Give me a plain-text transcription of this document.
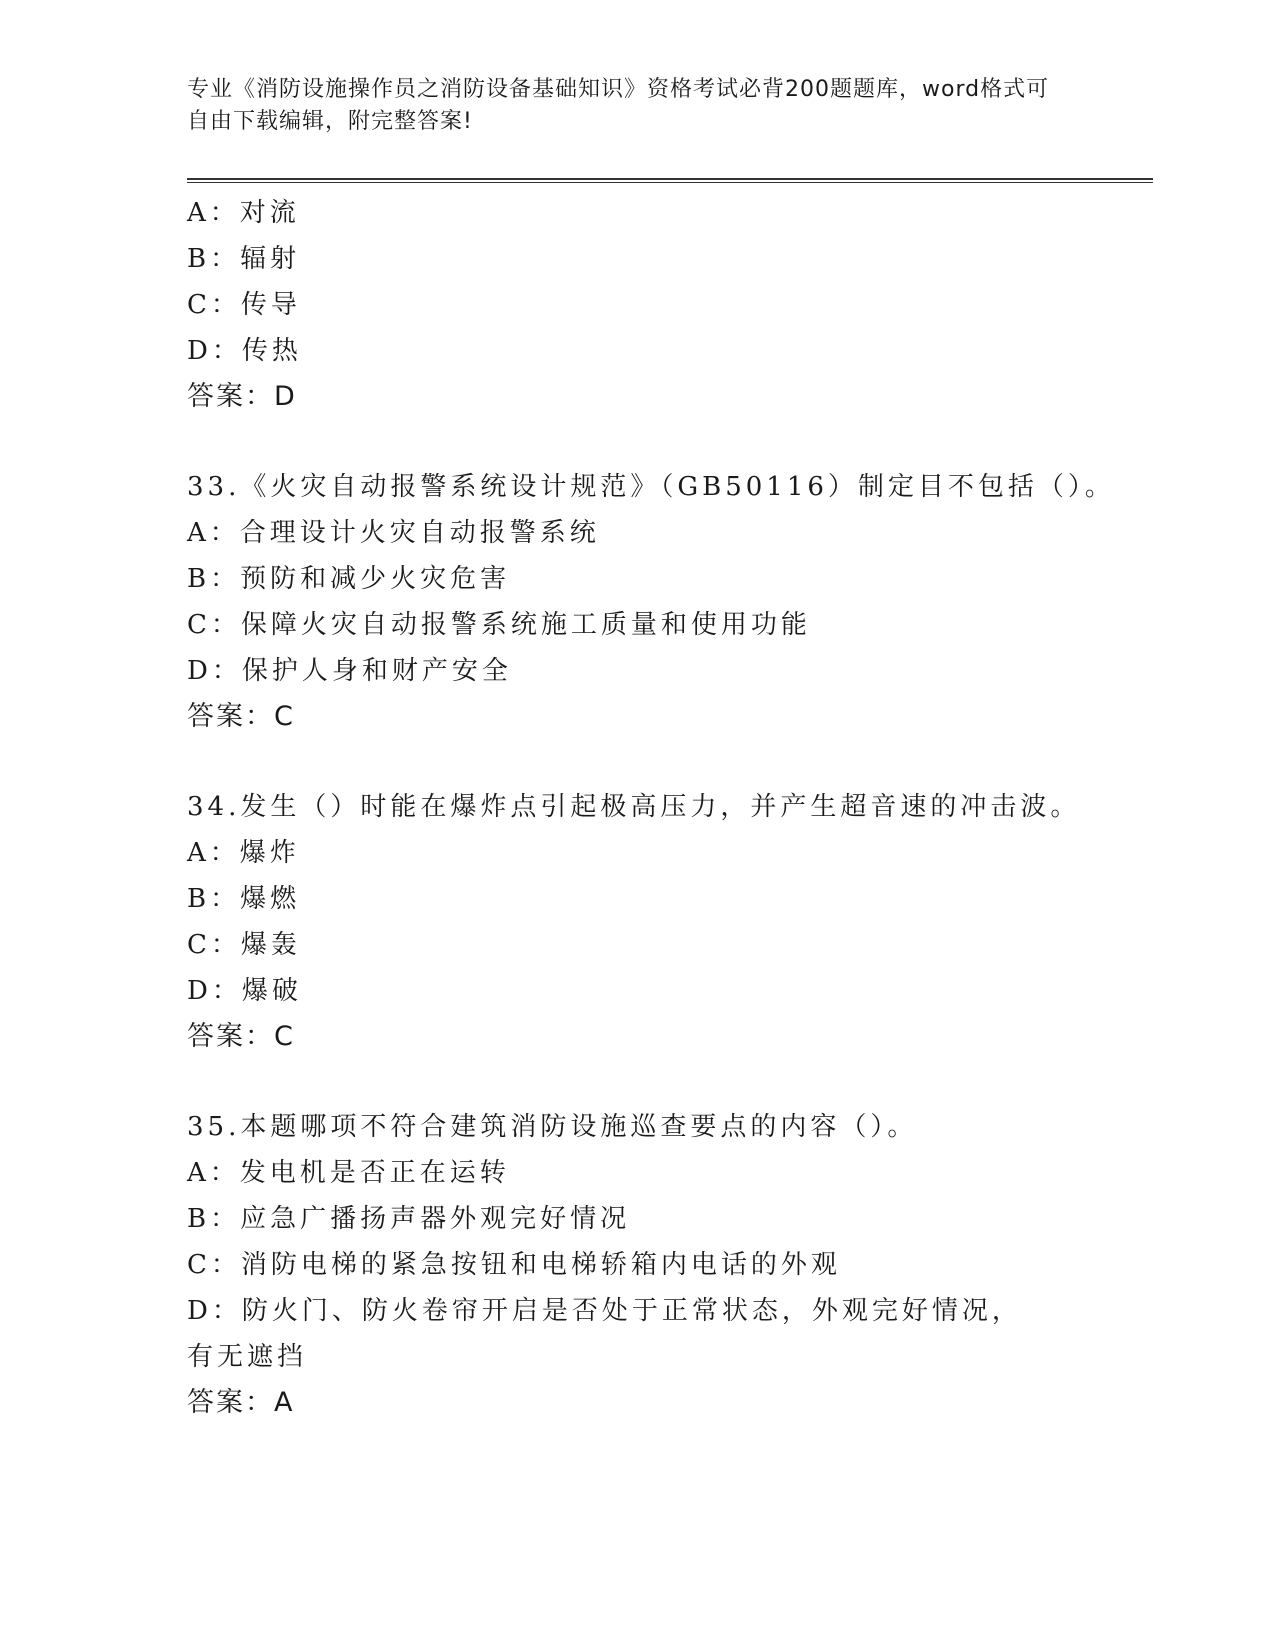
专业《消防设施操作员之消防设备基础知识》资格考试必背200题题库，word格式可自由下载编辑，附完整答案!
A：对流
B：辐射
C：传导
D：传热
答案：D
33.《火灾自动报警系统设计规范》（GB50116）制定目不包括（）。
A：合理设计火灾自动报警系统
B：预防和减少火灾危害
C：保障火灾自动报警系统施工质量和使用功能
D：保护人身和财产安全
答案：C
34.发生（）时能在爆炸点引起极高压力，并产生超音速的冲击波。
A：爆炸
B：爆燃
C：爆轰
D：爆破
答案：C
35.本题哪项不符合建筑消防设施巡查要点的内容（）。
A：发电机是否正在运转
B：应急广播扬声器外观完好情况
C：消防电梯的紧急按钮和电梯轿箱内电话的外观
D：防火门、防火卷帘开启是否处于正常状态，外观完好情况，有无遮挡
答案：A
